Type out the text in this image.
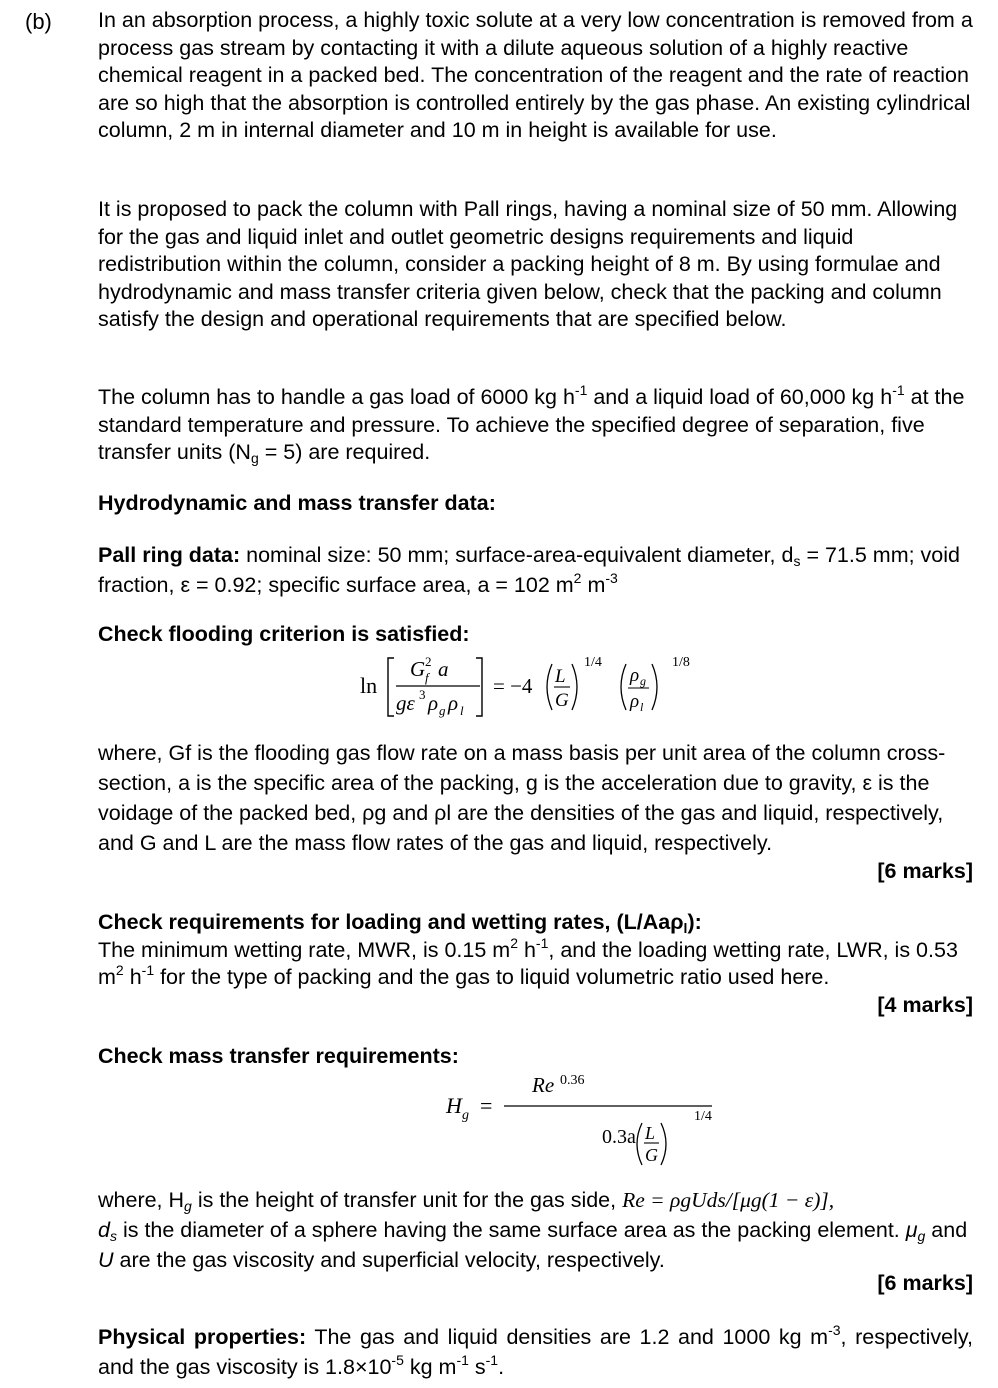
(b) In an absorption process, a highly toxic solute at a very low concentration is removed from a process gas stream by contacting it with a dilute aqueous solution of a highly reactive chemical reagent in a packed bed. The concentration of the reagent and the rate of reaction are so high that the absorption is controlled entirely by the gas phase. An existing cylindrical column, 2 m in internal diameter and 10 m in height is available for use.
It is proposed to pack the column with Pall rings, having a nominal size of 50 mm. Allowing for the gas and liquid inlet and outlet geometric designs requirements and liquid redistribution within the column, consider a packing height of 8 m. By using formulae and hydrodynamic and mass transfer criteria given below, check that the packing and column satisfy the design and operational requirements that are specified below.
The column has to handle a gas load of 6000 kg $h^{-1}$ and a liquid load of 60,000 kg $h^{-1}$ at the standard temperature and pressure. To achieve the specified degree of separation, five transfer units $(N_g = 5)$ are required.
Hydrodynamic and mass transfer data:
Pall ring data: nominal size: 50 mm; surface-area-equivalent diameter, $d_s = 71.5$ mm; void fraction, ε = 0.92; specific surface area, a = 102 $m^2$ $m^{-3}$
Check flooding criterion is satisfied:
ln
G 2
f a
gε 3 ρ g ρ l
= −4 L
G
1/4
ρ g
ρ l
1/8
where, Gf is the flooding gas flow rate on a mass basis per unit area of the column cross-section, a is the specific area of the packing, g is the acceleration due to gravity, ε is the voidage of the packed bed, ρg and ρl are the densities of the gas and liquid, respectively, and G and L are the mass flow rates of the gas and liquid, respectively.
[6 marks]
Check requirements for loading and wetting rates, (L/Aaρ$_l$):
The minimum wetting rate, MWR, is 0.15 $m^2$ $h^{-1}$, and the loading wetting rate, LWR, is 0.53 $m^2$ $h^{-1}$ for the type of packing and the gas to liquid volumetric ratio used here.
[4 marks]
Check mass transfer requirements:
H g =
Re 0.36
0.3a L
G
1/4
where, $H_g$ is the height of transfer unit for the gas side, Re = ρgUds/[μg(1 − ε)],
$d_s$ is the diameter of a sphere having the same surface area as the packing element. $\mu_g$ and U are the gas viscosity and superficial velocity, respectively.
[6 marks]
Physical properties: The gas and liquid densities are 1.2 and 1000 kg $m^{-3}$, respectively, and the gas viscosity is $1.8\times 10^{-5}$ kg $m^{-1}$ $s^{-1}$.
